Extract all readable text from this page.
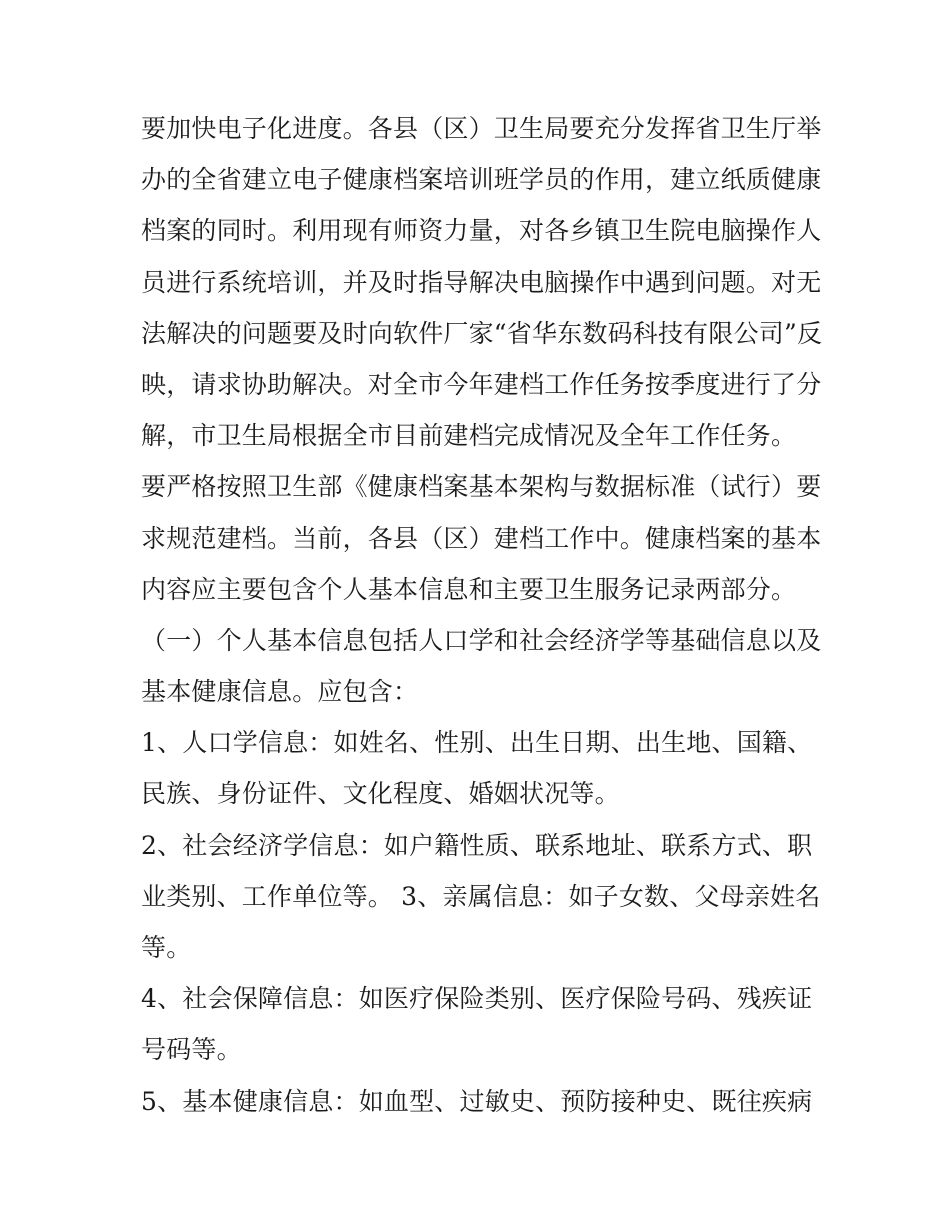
要加快电子化进度。各县（区）卫生局要充分发挥省卫生厅举
办的全省建立电子健康档案培训班学员的作用，建立纸质健康
档案的同时。利用现有师资力量，对各乡镇卫生院电脑操作人
员进行系统培训，并及时指导解决电脑操作中遇到问题。对无
法解决的问题要及时向软件厂家“省华东数码科技有限公司”反
映，请求协助解决。对全市今年建档工作任务按季度进行了分
解，市卫生局根据全市目前建档完成情况及全年工作任务。
要严格按照卫生部《健康档案基本架构与数据标准（试行）要
求规范建档。当前，各县（区）建档工作中。健康档案的基本
内容应主要包含个人基本信息和主要卫生服务记录两部分。
（一）个人基本信息包括人口学和社会经济学等基础信息以及
基本健康信息。应包含：
1、人口学信息：如姓名、性别、出生日期、出生地、国籍、
民族、身份证件、文化程度、婚姻状况等。
2、社会经济学信息：如户籍性质、联系地址、联系方式、职
业类别、工作单位等。 3、亲属信息：如子女数、父母亲姓名
等。
4、社会保障信息：如医疗保险类别、医疗保险号码、残疾证
号码等。
5、基本健康信息：如血型、过敏史、预防接种史、既往疾病
